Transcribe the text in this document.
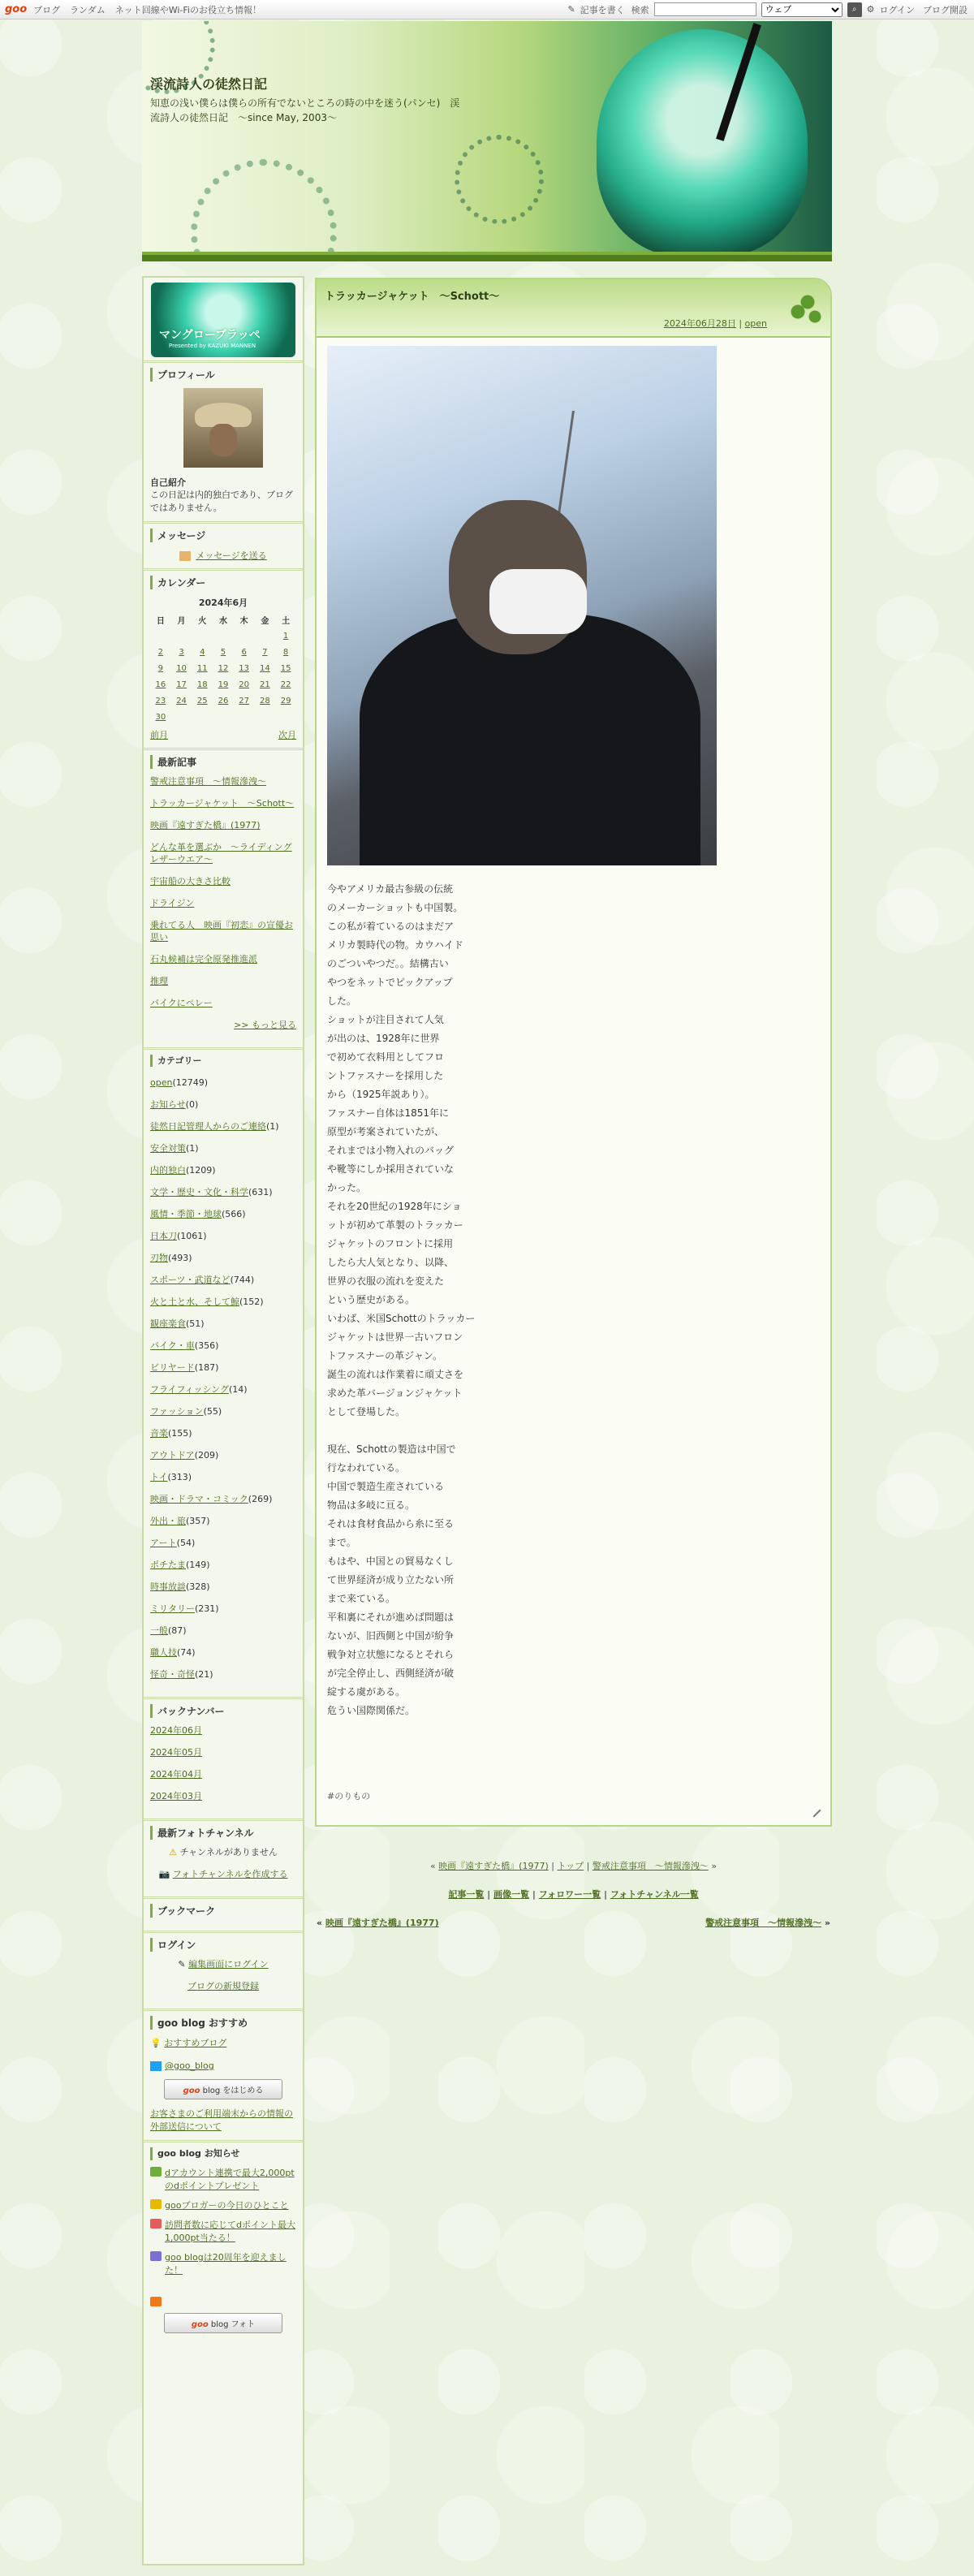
goo ブログ ランダム ネット回線やWi-Fiのお役立ち情報！	✎ 記事を書く 検索
ウェブ	⌕	⚙ ログイン ブログ開設
渓流詩人の徒然日記
知恵の浅い僕らは僕らの所有でないところの時の中を迷う(パンセ)　渓流詩人の徒然日記　～since May, 2003～
マングローブラッペ
Presented by KAZUKI MANNEN
プロフィール
自己紹介
この日記は内的独白であり、ブログではありません。
メッセージ
メッセージを送る
カレンダー
2024年6月
日	月	火	水	木	金	土
						1
2	3	4	5	6	7	8
9	10	11	12	13	14	15
16	17	18	19	20	21	22
23	24	25	26	27	28	29
30						
前月	次月
最新記事
警戒注意事項　～情報滲洩～
トラッカージャケット　～Schott～
映画『遠すぎた橋』(1977)
どんな革を選ぶか　～ライディングレザーウエア～
宇宙船の大きさ比較
ドライジン
乗れてる人　映画『初恋』の宣優お思い
石丸候補は完全原発推進派
推理
バイクにペレー
>> もっと見る
カテゴリー
open(12749)
お知らせ(0)
徒然日記管理人からのご連絡(1)
安全対策(1)
内的独白(1209)
文学・歴史・文化・科学(631)
風情・季節・地球(566)
日本刀(1061)
刃物(493)
スポーツ・武道など(744)
火と土と水、そして鯨(152)
観座楽食(51)
バイク・車(356)
ビリヤード(187)
フライフィッシング(14)
ファッション(55)
音楽(155)
アウトドア(209)
トイ(313)
映画・ドラマ・コミック(269)
外出・旅(357)
アート(54)
ポチたま(149)
時事放談(328)
ミリタリー(231)
一般(87)
職人技(74)
怪奇・奇怪(21)
バックナンバー
2024年06月
2024年05月
2024年04月
2024年03月
最新フォトチャンネル
⚠ チャンネルがありません
📷 フォトチャンネルを作成する
ブックマーク
ログイン
✎ 編集画面にログイン
ブログの新規登録
goo blog おすすめ
💡 おすすめブログ
@goo_blog
goo blog をはじめる
お客さまのご利用端末からの情報の外部送信について
goo blog お知らせ
dアカウント連携で最大2,000ptのdポイントプレゼント
gooブロガーの今日のひとこと
訪問者数に応じてdポイント最大1,000pt当たる！
goo blogは20周年を迎えました！
goo blog フォト
トラッカージャケット　～Schott～
2024年06月28日 | open
今やアメリカ最古参級の伝統
のメーカーショットも中国製。
この私が着ているのはまだア
メリカ製時代の物。カウハイド
のごついやつだ。。結構古い
やつをネットでピックアップ
した。
ショットが注目されて人気
が出のは、1928年に世界
で初めて衣料用としてフロ
ントファスナーを採用した
から（1925年説あり）。
ファスナー自体は1851年に
原型が考案されていたが、
それまでは小物入れのバッグ
や靴等にしか採用されていな
かった。
それを20世紀の1928年にショ
ットが初めて革製のトラッカー
ジャケットのフロントに採用
したら大人気となり、以降、
世界の衣服の流れを変えた
という歴史がある。
いわば、米国Schottのトラッカー
ジャケットは世界一古いフロン
トファスナーの革ジャン。
誕生の流れは作業着に頑丈さを
求めた革バージョンジャケット
として登場した。

現在、Schottの製造は中国で
行なわれている。
中国で製造生産されている
物品は多岐に亘る。
それは食材食品から糸に至る
まで。
もはや、中国との貿易なくし
て世界経済が成り立たない所
まで来ている。
平和裏にそれが進めば問題は
ないが、旧西側と中国が紛争
戦争対立状態になるとそれら
が完全停止し、西側経済が破
綻する虞がある。
危うい国際関係だ。
#のりもの
« 映画『遠すぎた橋』(1977) | トップ | 警戒注意事項　～情報滲洩～ »
記事一覧 | 画像一覧 | フォロワー一覧 | フォトチャンネル一覧
« 映画『遠すぎた橋』(1977)	警戒注意事項　～情報滲洩～ »
